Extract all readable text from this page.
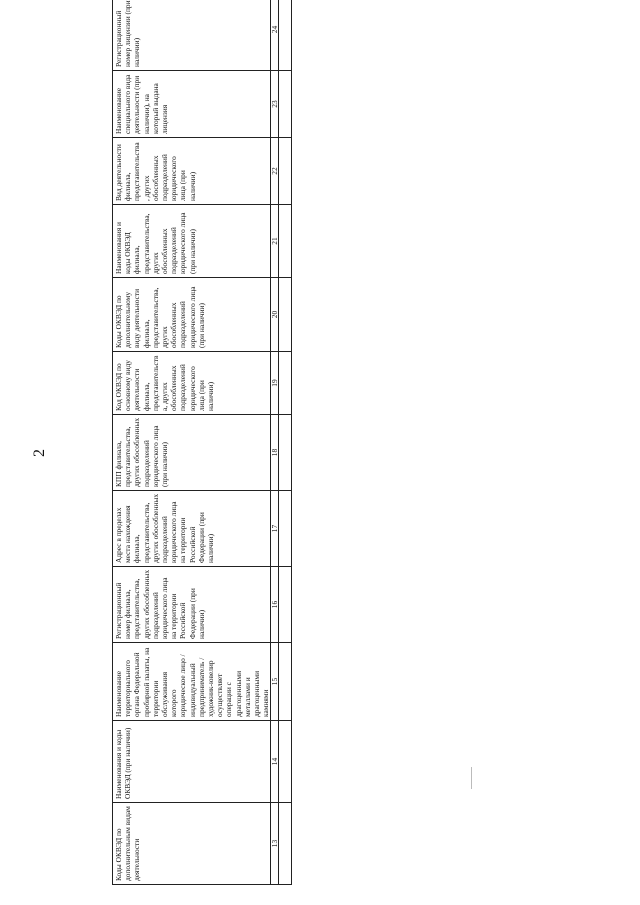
2
Коды ОКВЭД по дополнительным видам деятельности	Наименования и коды ОКВЭД (при наличии)	Наименование территориального органа Федеральной пробирной палаты, на территории обслуживания которого юридическое лицо / индивидуальный предприниматель / художник-ювелир осуществляет операции с драгоценными металлами и драгоценными камнями	Регистрационный номер филиала, представительства, других обособленных подразделений юридического лица на территории Российской Федерации (при наличии)	Адрес в пределах места нахождения филиала, представительства, других обособленных подразделений юридического лица на территории Российской Федерации (при наличии)	КПП филиала, представительства, других обособленных подразделений юридического лица (при наличии)	Код ОКВЭД по основному виду деятельности филиала, представительства, других обособленных подразделений юридического лица (при наличии)	Коды ОКВЭД по дополнительному виду деятельности филиала, представительства, других обособленных подразделений юридического лица (при наличии)	Наименования и коды ОКВЭД филиала, представительства, других обособленных подразделений юридического лица (при наличии)	Вид деятельности филиала, представительства, других обособленных подразделений юридического лица (при наличии)	Наименование специального вида деятельности (при наличии), на который выдана лицензия	Регистрационный номер лицензии (при наличии)
13	14	15	16	17	18	19	20	21	22	23	24
